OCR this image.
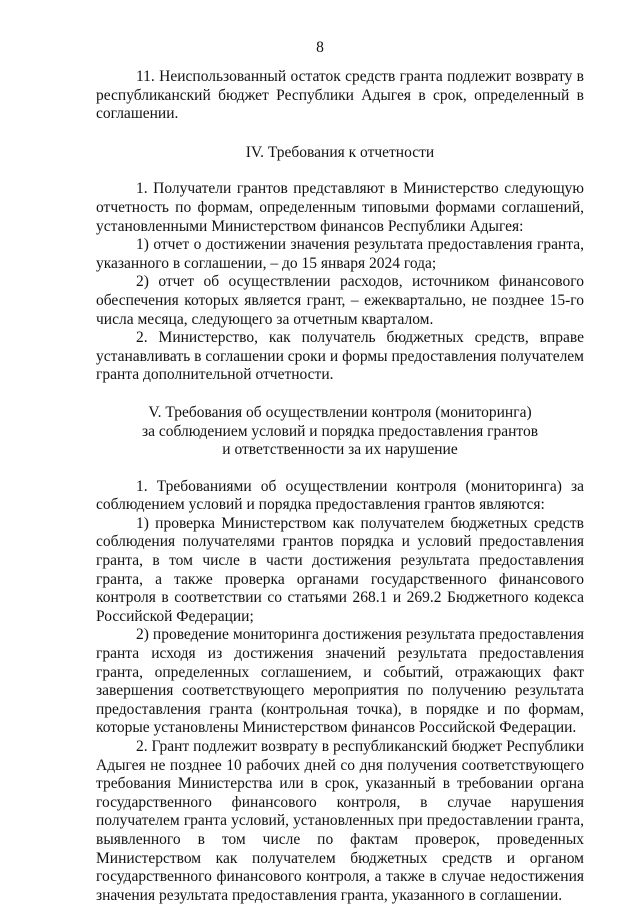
8

11. Неиспользованный остаток средств гранта подлежит возврату в республиканский бюджет Республики Адыгея в срок, определенный в соглашении.

IV. Требования к отчетности

1. Получатели грантов представляют в Министерство следующую отчетность по формам, определенным типовыми формами соглашений, установленными Министерством финансов Республики Адыгея:

1) отчет о достижении значения результата предоставления гранта, указанного в соглашении, – до 15 января 2024 года;

2) отчет об осуществлении расходов, источником финансового обеспечения которых является грант, – ежеквартально, не позднее 15-го числа месяца, следующего за отчетным кварталом.

2. Министерство, как получатель бюджетных средств, вправе устанавливать в соглашении сроки и формы предоставления получателем гранта дополнительной отчетности.

V. Требования об осуществлении контроля (мониторинга)
за соблюдением условий и порядка предоставления грантов
и ответственности за их нарушение

1. Требованиями об осуществлении контроля (мониторинга) за соблюдением условий и порядка предоставления грантов являются:

1) проверка Министерством как получателем бюджетных средств соблюдения получателями грантов порядка и условий предоставления гранта, в том числе в части достижения результата предоставления гранта, а также проверка органами государственного финансового контроля в соответствии со статьями 268.1 и 269.2 Бюджетного кодекса Российской Федерации;

2) проведение мониторинга достижения результата предоставления гранта исходя из достижения значений результата предоставления гранта, определенных соглашением, и событий, отражающих факт завершения соответствующего мероприятия по получению результата предоставления гранта (контрольная точка), в порядке и по формам, которые установлены Министерством финансов Российской Федерации.

2. Грант подлежит возврату в республиканский бюджет Республики Адыгея не позднее 10 рабочих дней со дня получения соответствующего требования Министерства или в срок, указанный в требовании органа государственного финансового контроля, в случае нарушения получателем гранта условий, установленных при предоставлении гранта, выявленного в том числе по фактам проверок, проведенных Министерством как получателем бюджетных средств и органом государственного финансового контроля, а также в случае недостижения значения результата предоставления гранта, указанного в соглашении.
